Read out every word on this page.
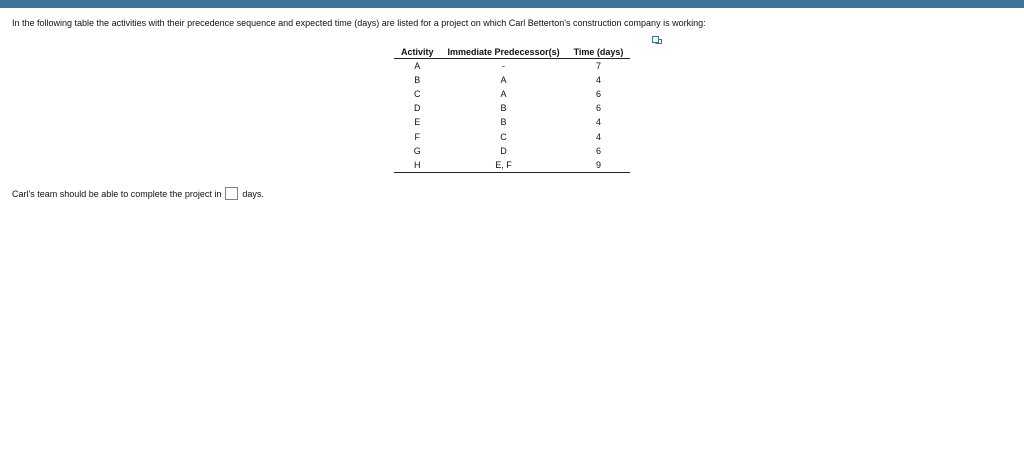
In the following table the activities with their precedence sequence and expected time (days) are listed for a project on which Carl Betterton's construction company is working:
Activity	Immediate Predecessor(s)	Time (days)
A	-	7
B	A	4
C	A	6
D	B	6
E	B	4
F	C	4
G	D	6
H	E, F	9
Carl's team should be able to complete the project in days.
